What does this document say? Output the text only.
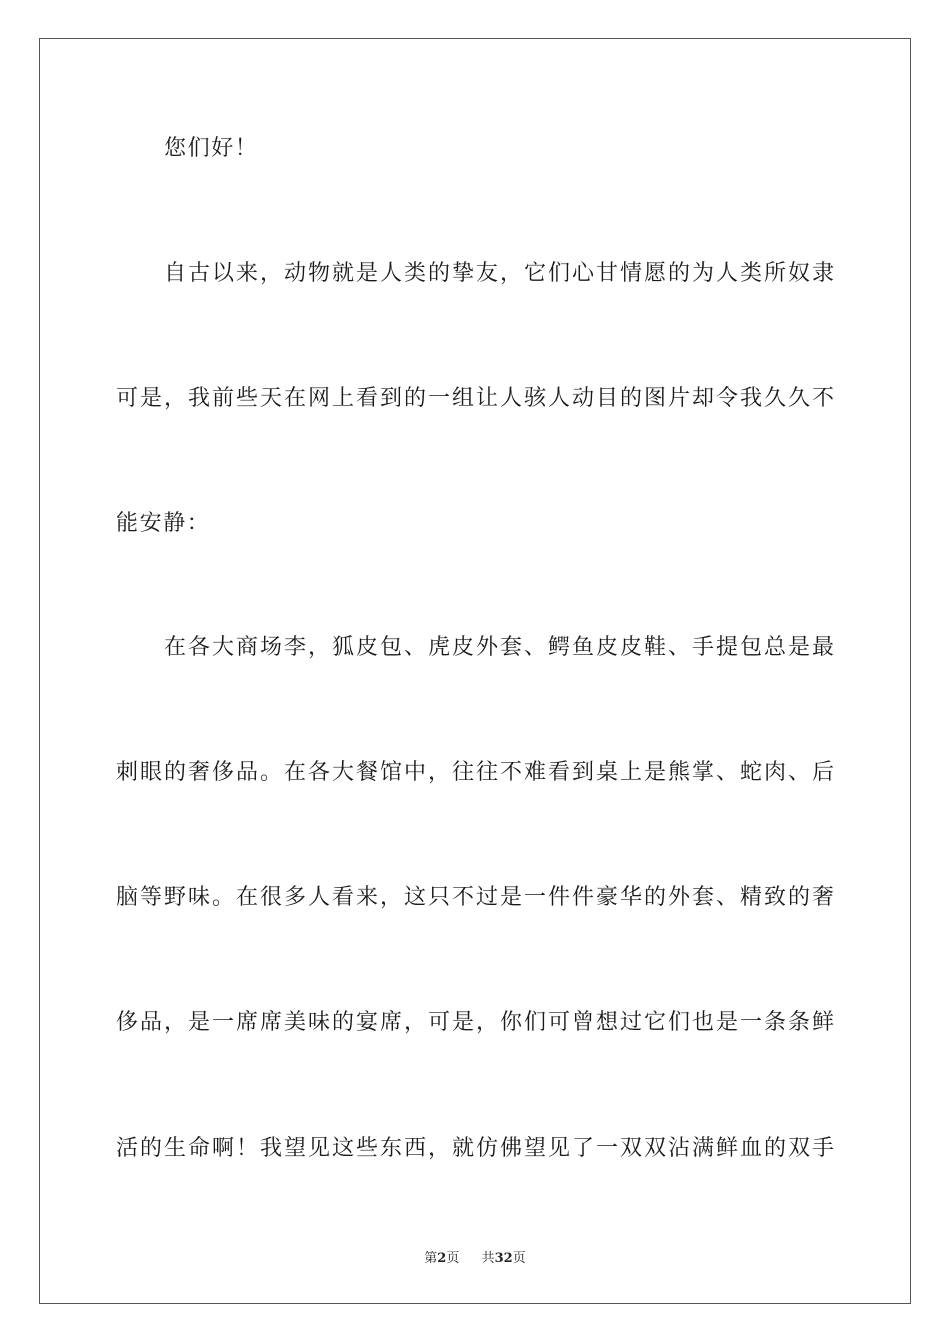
您们好！
自古以来，动物就是人类的挚友，它们心甘情愿的为人类所奴隶
可是，我前些天在网上看到的一组让人骇人动目的图片却令我久久不
能安静：
在各大商场李，狐皮包、虎皮外套、鳄鱼皮皮鞋、手提包总是最
刺眼的奢侈品。在各大餐馆中，往往不难看到桌上是熊掌、蛇肉、后
脑等野味。在很多人看来，这只不过是一件件豪华的外套、精致的奢
侈品，是一席席美味的宴席，可是，你们可曾想过它们也是一条条鲜
活的生命啊！我望见这些东西，就仿佛望见了一双双沾满鲜血的双手
第2页 共32页
